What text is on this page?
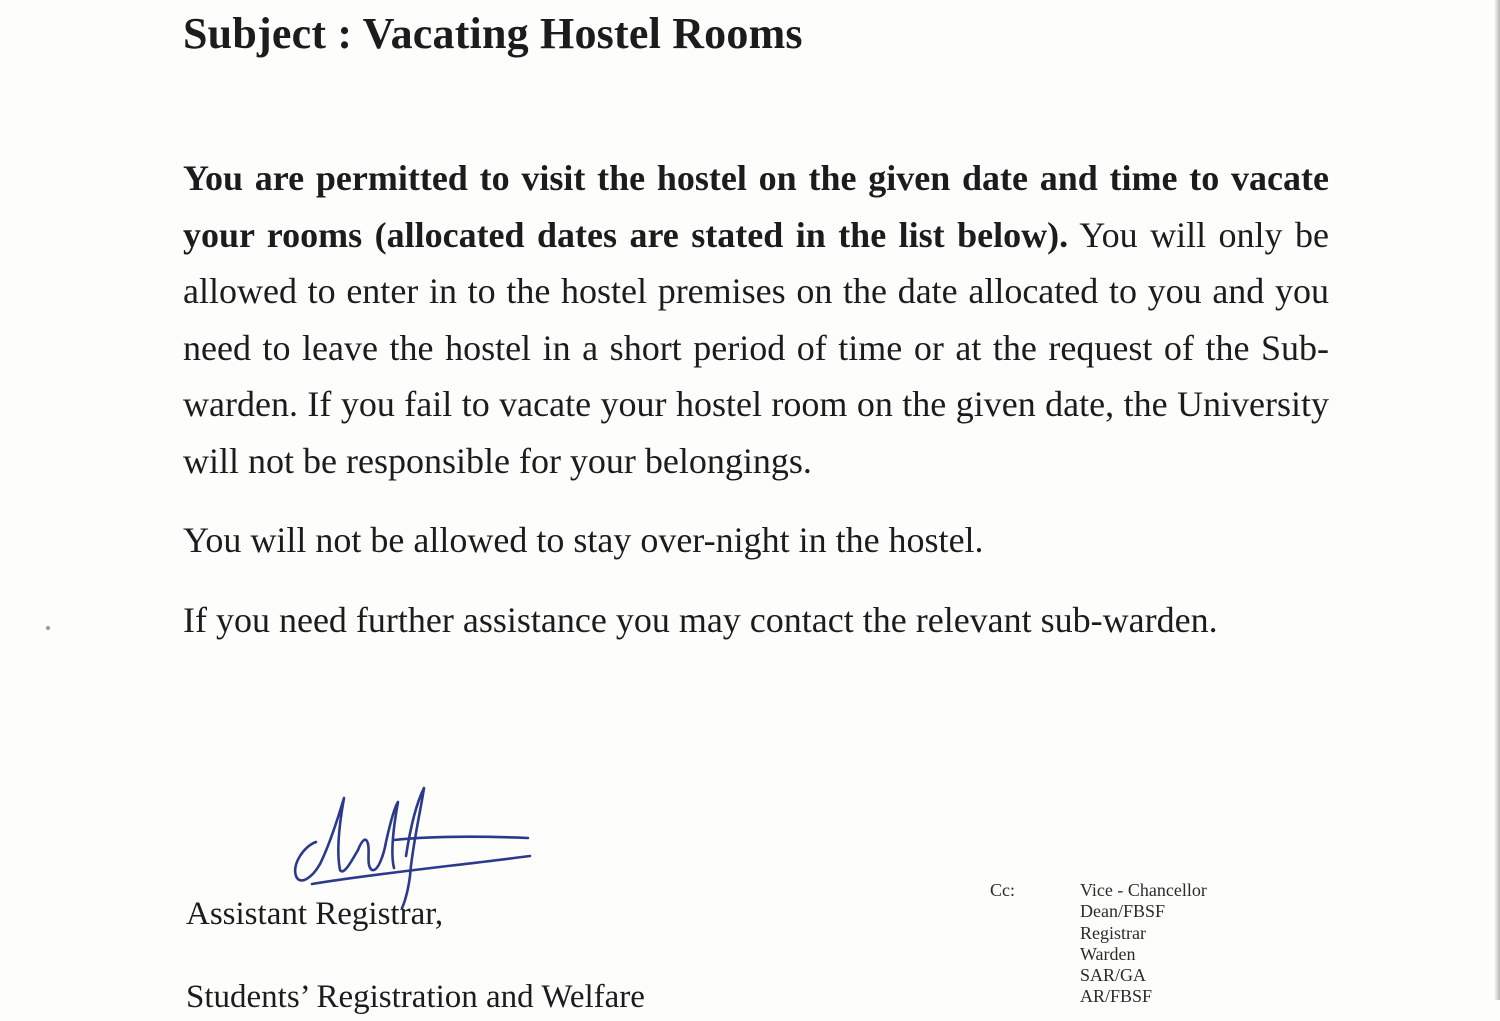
Subject : Vacating Hostel Rooms

You are permitted to visit the hostel on the given date and time to vacate your rooms (allocated dates are stated in the list below). You will only be allowed to enter in to the hostel premises on the date allocated to you and you need to leave the hostel in a short period of time or at the request of the Sub-warden. If you fail to vacate your hostel room on the given date, the University will not be responsible for your belongings.

You will not be allowed to stay over-night in the hostel.

If you need further assistance you may contact the relevant sub-warden.

Assistant Registrar,

Students’ Registration and Welfare

Cc:	Vice - Chancellor
Dean/FBSF
Registrar
Warden
SAR/GA
AR/FBSF
